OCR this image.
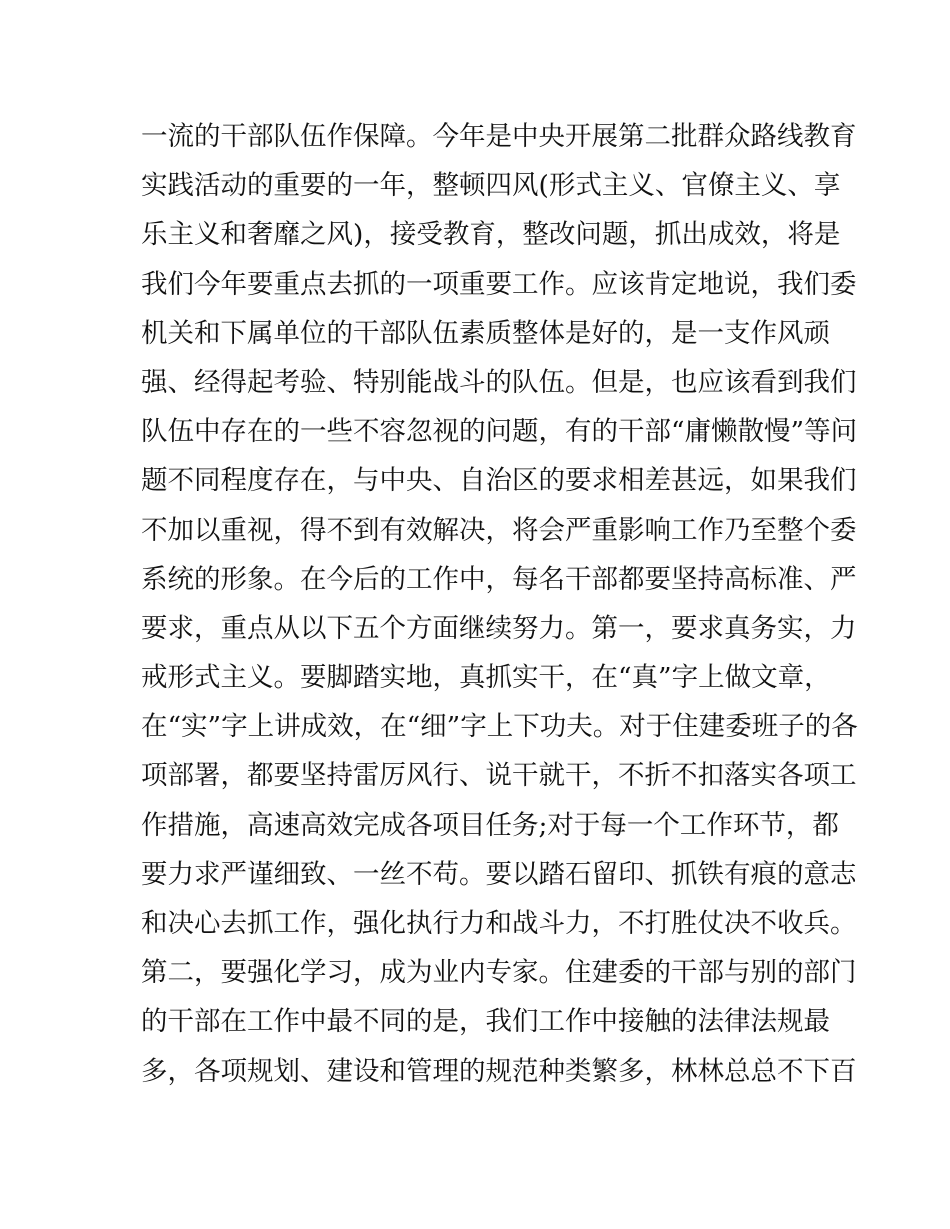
一流的干部队伍作保障。今年是中央开展第二批群众路线教育
实践活动的重要的一年，整顿四风(形式主义、官僚主义、享
乐主义和奢靡之风)，接受教育，整改问题，抓出成效，将是
我们今年要重点去抓的一项重要工作。应该肯定地说，我们委
机关和下属单位的干部队伍素质整体是好的，是一支作风顽
强、经得起考验、特别能战斗的队伍。但是，也应该看到我们
队伍中存在的一些不容忽视的问题，有的干部“庸懒散慢”等问
题不同程度存在，与中央、自治区的要求相差甚远，如果我们
不加以重视，得不到有效解决，将会严重影响工作乃至整个委
系统的形象。在今后的工作中，每名干部都要坚持高标准、严
要求，重点从以下五个方面继续努力。第一，要求真务实，力
戒形式主义。要脚踏实地，真抓实干，在“真”字上做文章，
在“实”字上讲成效，在“细”字上下功夫。对于住建委班子的各
项部署，都要坚持雷厉风行、说干就干，不折不扣落实各项工
作措施，高速高效完成各项目任务;对于每一个工作环节，都
要力求严谨细致、一丝不苟。要以踏石留印、抓铁有痕的意志
和决心去抓工作，强化执行力和战斗力，不打胜仗决不收兵。
第二，要强化学习，成为业内专家。住建委的干部与别的部门
的干部在工作中最不同的是，我们工作中接触的法律法规最
多，各项规划、建设和管理的规范种类繁多，林林总总不下百
